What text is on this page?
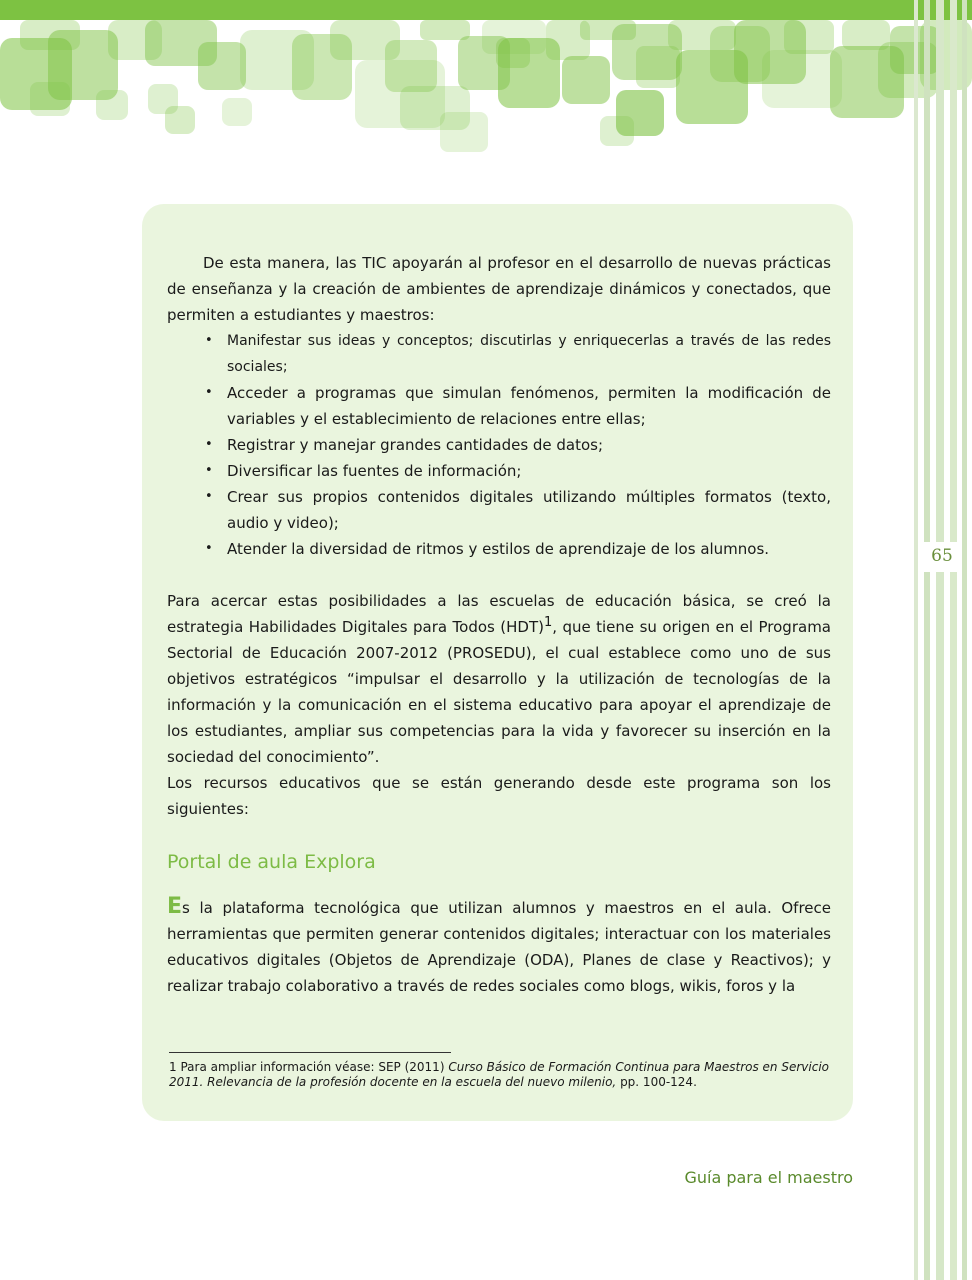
65

De esta manera, las TIC apoyarán al profesor en el desarrollo de nuevas prácticas de enseñanza y la creación de ambientes de aprendizaje dinámicos y conectados, que permiten a estudiantes y maestros:

• Manifestar sus ideas y conceptos; discutirlas y enriquecerlas a través de las redes sociales;
• Acceder a programas que simulan fenómenos, permiten la modificación de variables y el establecimiento de relaciones entre ellas;
• Registrar y manejar grandes cantidades de datos;
• Diversificar las fuentes de información;
• Crear sus propios contenidos digitales utilizando múltiples formatos (texto, audio y video);
• Atender la diversidad de ritmos y estilos de aprendizaje de los alumnos.

Para acercar estas posibilidades a las escuelas de educación básica, se creó la estrategia Habilidades Digitales para Todos (HDT)$^1$, que tiene su origen en el Programa Sectorial de Educación 2007-2012 (PROSEDU), el cual establece como uno de sus objetivos estratégicos “impulsar el desarrollo y la utilización de tecnologías de la información y la comunicación en el sistema educativo para apoyar el aprendizaje de los estudiantes, ampliar sus competencias para la vida y favorecer su inserción en la sociedad del conocimiento”.

Los recursos educativos que se están generando desde este programa son los siguientes:

Portal de aula Explora

Es la plataforma tecnológica que utilizan alumnos y maestros en el aula. Ofrece herramientas que permiten generar contenidos digitales; interactuar con los materiales educativos digitales (Objetos de Aprendizaje (ODA), Planes de clase y Reactivos); y realizar trabajo colaborativo a través de redes sociales como blogs, wikis, foros y la

1 Para ampliar información véase: SEP (2011) Curso Básico de Formación Continua para Maestros en Servicio 2011. Relevancia de la profesión docente en la escuela del nuevo milenio, pp. 100-124.
Guía para el maestro
